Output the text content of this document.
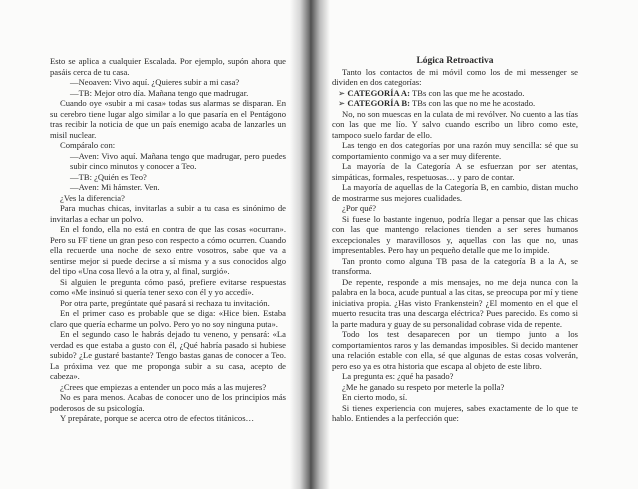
Esto se aplica a cualquier Escalada. Por ejemplo, supón ahora que pasáis cerca de tu casa.

—Neoaven: Vivo aquí. ¿Quieres subir a mi casa?

—TB: Mejor otro día. Mañana tengo que madrugar.

Cuando oye «subir a mi casa» todas sus alarmas se disparan. En su cerebro tiene lugar algo similar a lo que pasaría en el Pentágono tras recibir la noticia de que un país enemigo acaba de lanzarles un misil nuclear.

Compáralo con:

—Aven: Vivo aquí. Mañana tengo que madrugar, pero puedes subir cinco minutos y conocer a Teo.

—TB: ¿Quién es Teo?

—Aven: Mi hámster. Ven.

¿Ves la diferencia?

Para muchas chicas, invitarlas a subir a tu casa es sinónimo de invitarlas a echar un polvo.

En el fondo, ella no está en contra de que las cosas «ocurran». Pero su FF tiene un gran peso con respecto a cómo ocurren. Cuando ella recuerde una noche de sexo entre vosotros, sabe que va a sentirse mejor si puede decirse a sí misma y a sus conocidos algo del tipo «Una cosa llevó a la otra y, al final, surgió».

Si alguien le pregunta cómo pasó, prefiere evitarse respuestas como «Me insinuó si quería tener sexo con él y yo accedí».

Por otra parte, pregúntate qué pasará si rechaza tu invitación.

En el primer caso es probable que se diga: «Hice bien. Estaba claro que quería echarme un polvo. Pero yo no soy ninguna puta».

En el segundo caso le habrás dejado tu veneno, y pensará: «La verdad es que estaba a gusto con él, ¿Qué habría pasado si hubiese subido? ¿Le gustaré bastante? Tengo bastas ganas de conocer a Teo. La próxima vez que me proponga subir a su casa, acepto de cabeza».

¿Crees que empiezas a entender un poco más a las mujeres?

No es para menos. Acabas de conocer uno de los principios más poderosos de su psicología.

Y prepárate, porque se acerca otro de efectos titánicos…

Lógica Retroactiva

Tanto los contactos de mi móvil como los de mi messenger se dividen en dos categorías:

➢ CATEGORÍA A: TBs con las que me he acostado.

➢ CATEGORÍA B: TBs con las que no me he acostado.

No, no son muescas en la culata de mi revólver. No cuento a las tías con las que me lío. Y salvo cuando escribo un libro como este, tampoco suelo fardar de ello.

Las tengo en dos categorías por una razón muy sencilla: sé que su comportamiento conmigo va a ser muy diferente.

La mayoría de la Categoría A se esfuerzan por ser atentas, simpáticas, formales, respetuosas… y paro de contar.

La mayoría de aquellas de la Categoría B, en cambio, distan mucho de mostrarme sus mejores cualidades.

¿Por qué?

Si fuese lo bastante ingenuo, podría llegar a pensar que las chicas con las que mantengo relaciones tienden a ser seres humanos excepcionales y maravillosos y, aquellas con las que no, unas impresentables. Pero hay un pequeño detalle que me lo impide.

Tan pronto como alguna TB pasa de la categoría B a la A, se transforma.

De repente, responde a mis mensajes, no me deja nunca con la palabra en la boca, acude puntual a las citas, se preocupa por mí y tiene iniciativa propia. ¿Has visto Frankenstein? ¿El momento en el que el muerto resucita tras una descarga eléctrica? Pues parecido. Es como si la parte madura y guay de su personalidad cobrase vida de repente.

Todo los test desaparecen por un tiempo junto a los comportamientos raros y las demandas imposibles. Si decido mantener una relación estable con ella, sé que algunas de estas cosas volverán, pero eso ya es otra historia que escapa al objeto de este libro.

La pregunta es: ¿qué ha pasado?

¿Me he ganado su respeto por meterle la polla?

En cierto modo, sí.

Si tienes experiencia con mujeres, sabes exactamente de lo que te hablo. Entiendes a la perfección que:
